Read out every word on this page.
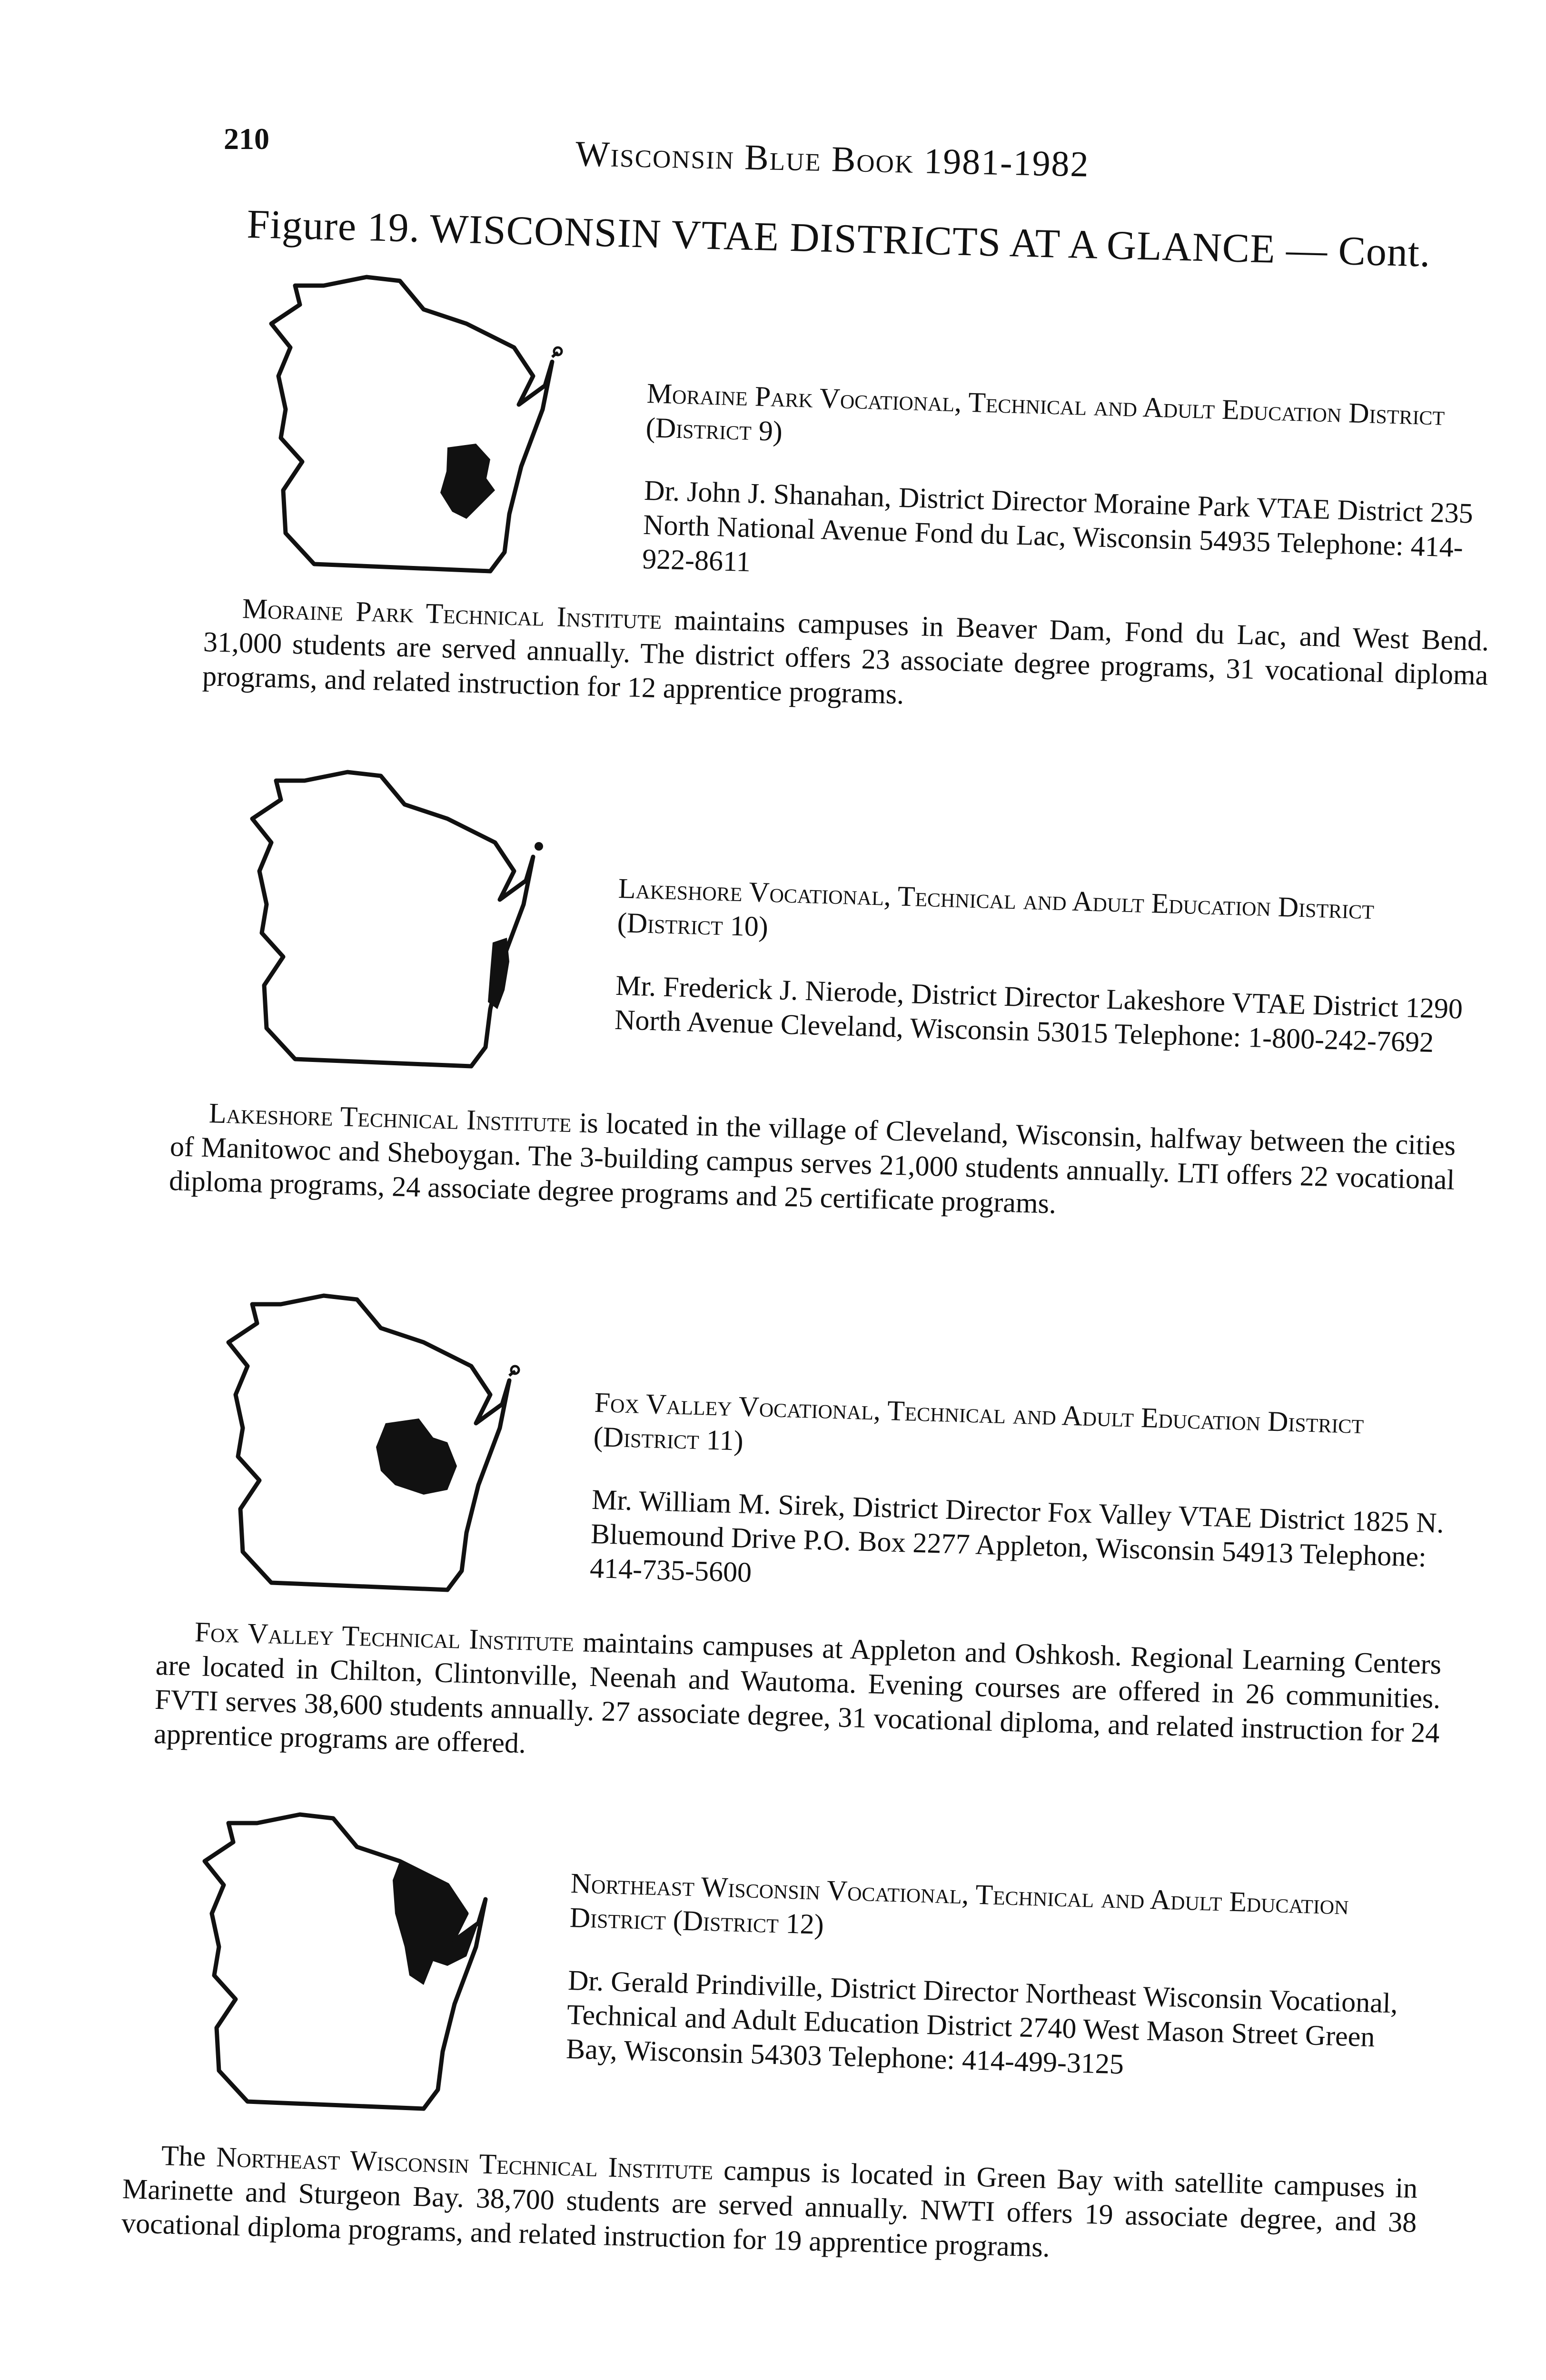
210	Wisconsin Blue Book 1981-1982
Figure 19. WISCONSIN VTAE DISTRICTS AT A GLANCE — Cont.

Moraine Park Vocational, Technical and Adult Education District (District 9)

Dr. John J. Shanahan, District Director Moraine Park VTAE District 235 North National Avenue Fond du Lac, Wisconsin 54935 Telephone: 414-922-8611

Moraine Park Technical Institute maintains campuses in Beaver Dam, Fond du Lac, and West Bend. 31,000 students are served annually. The district offers 23 associate degree programs, 31 vocational diploma programs, and related instruction for 12 apprentice programs.

Lakeshore Vocational, Technical and Adult Education District (District 10)

Mr. Frederick J. Nierode, District Director Lakeshore VTAE District 1290 North Avenue Cleveland, Wisconsin 53015 Telephone: 1-800-242-7692

Lakeshore Technical Institute is located in the village of Cleveland, Wisconsin, halfway between the cities of Manitowoc and Sheboygan. The 3-building campus serves 21,000 students annually. LTI offers 22 vocational diploma programs, 24 associate degree programs and 25 certificate programs.

Fox Valley Vocational, Technical and Adult Education District (District 11)

Mr. William M. Sirek, District Director Fox Valley VTAE District 1825 N. Bluemound Drive P.O. Box 2277 Appleton, Wisconsin 54913 Telephone: 414-735-5600

Fox Valley Technical Institute maintains campuses at Appleton and Oshkosh. Regional Learning Centers are located in Chilton, Clintonville, Neenah and Wautoma. Evening courses are offered in 26 communities. FVTI serves 38,600 students annually. 27 associate degree, 31 vocational diploma, and related instruction for 24 apprentice programs are offered.

Northeast Wisconsin Vocational, Technical and Adult Education District (District 12)

Dr. Gerald Prindiville, District Director Northeast Wisconsin Vocational, Technical and Adult Education District 2740 West Mason Street Green Bay, Wisconsin 54303 Telephone: 414-499-3125

The Northeast Wisconsin Technical Institute campus is located in Green Bay with satellite campuses in Marinette and Sturgeon Bay. 38,700 students are served annually. NWTI offers 19 associate degree, and 38 vocational diploma programs, and related instruction for 19 apprentice programs.
